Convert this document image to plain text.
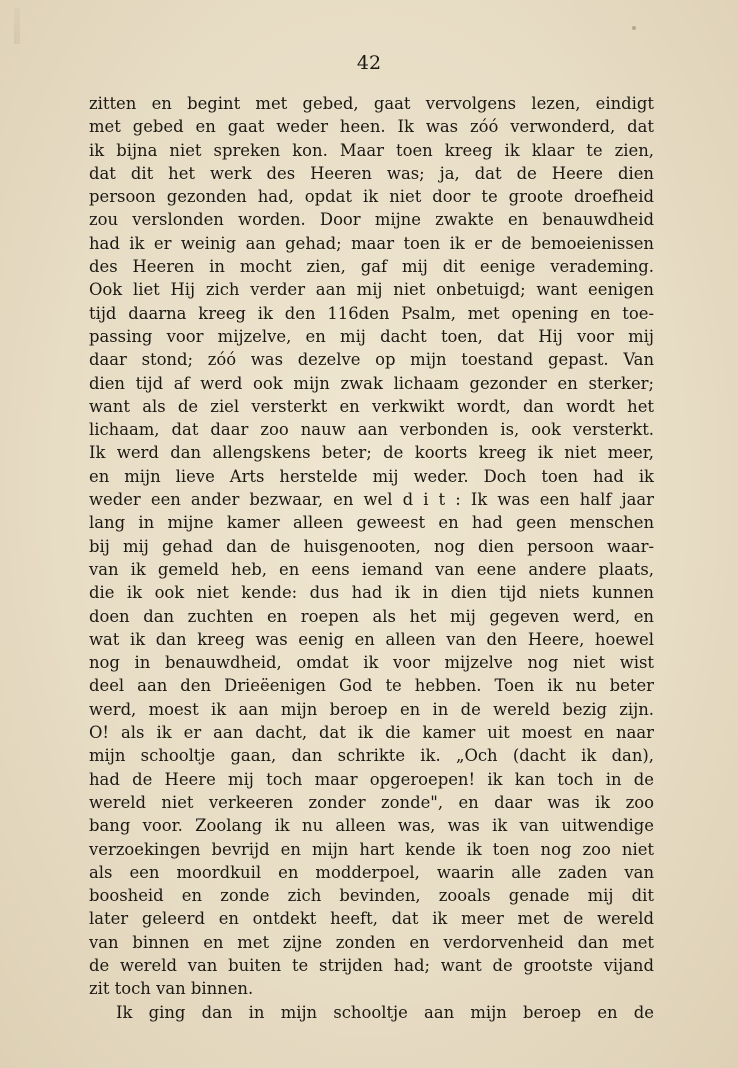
42
zitten en begint met gebed, gaat vervolgens lezen, eindigt
met gebed en gaat weder heen. Ik was zóó verwonderd, dat
ik bijna niet spreken kon. Maar toen kreeg ik klaar te zien,
dat dit het werk des Heeren was; ja, dat de Heere dien
persoon gezonden had, opdat ik niet door te groote droefheid
zou verslonden worden. Door mijne zwakte en benauwdheid
had ik er weinig aan gehad; maar toen ik er de bemoeienissen
des Heeren in mocht zien, gaf mij dit eenige verademing.
Ook liet Hij zich verder aan mij niet onbetuigd; want eenigen
tijd daarna kreeg ik den 116den Psalm, met opening en toe-
passing voor mijzelve, en mij dacht toen, dat Hij voor mij
daar stond; zóó was dezelve op mijn toestand gepast. Van
dien tijd af werd ook mijn zwak lichaam gezonder en sterker;
want als de ziel versterkt en verkwikt wordt, dan wordt het
lichaam, dat daar zoo nauw aan verbonden is, ook versterkt.
Ik werd dan allengskens beter; de koorts kreeg ik niet meer,
en mijn lieve Arts herstelde mij weder. Doch toen had ik
weder een ander bezwaar, en wel d i t : Ik was een half jaar
lang in mijne kamer alleen geweest en had geen menschen
bij mij gehad dan de huisgenooten, nog dien persoon waar-
van ik gemeld heb, en eens iemand van eene andere plaats,
die ik ook niet kende: dus had ik in dien tijd niets kunnen
doen dan zuchten en roepen als het mij gegeven werd, en
wat ik dan kreeg was eenig en alleen van den Heere, hoewel
nog in benauwdheid, omdat ik voor mijzelve nog niet wist
deel aan den Drieëenigen God te hebben. Toen ik nu beter
werd, moest ik aan mijn beroep en in de wereld bezig zijn.
O! als ik er aan dacht, dat ik die kamer uit moest en naar
mijn schooltje gaan, dan schrikte ik. „Och (dacht ik dan),
had de Heere mij toch maar opgeroepen! ik kan toch in de
wereld niet verkeeren zonder zonde", en daar was ik zoo
bang voor. Zoolang ik nu alleen was, was ik van uitwendige
verzoekingen bevrijd en mijn hart kende ik toen nog zoo niet
als een moordkuil en modderpoel, waarin alle zaden van
boosheid en zonde zich bevinden, zooals genade mij dit
later geleerd en ontdekt heeft, dat ik meer met de wereld
van binnen en met zijne zonden en verdorvenheid dan met
de wereld van buiten te strijden had; want de grootste vijand
zit toch van binnen.
Ik ging dan in mijn schooltje aan mijn beroep en de
